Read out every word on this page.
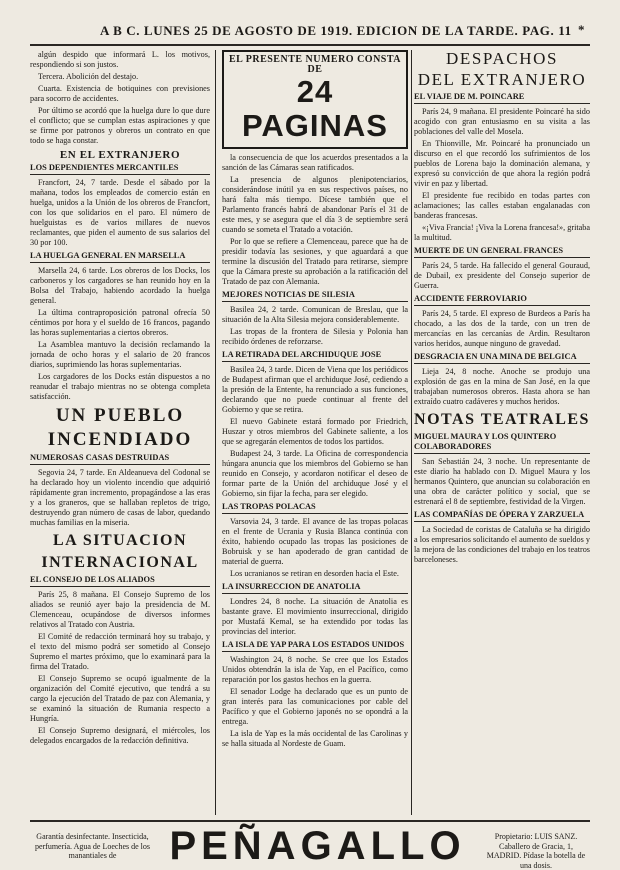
A B C. LUNES 25 DE AGOSTO DE 1919. EDICION DE LA TARDE. PAG. 11 *

algún despido que informará L. los motivos, respondiendo si son justos.

Tercera. Abolición del destajo.

Cuarta. Existencia de botiquines con previsiones para socorro de accidentes.

Por último se acordó que la huelga dure lo que dure el conflicto; que se cumplan estas aspiraciones y que se firme por patronos y obreros un contrato en que todo se haga constar.

EN EL EXTRANJERO
LOS DEPENDIENTES MERCANTILES

Francfort, 24, 7 tarde. Desde el sábado por la mañana, todos los empleados de comercio están en huelga, unidos a la Unión de los obreros de Francfort, con los que solidarios en el paro. El número de huelguistas es de varios millares de nuevos reclamantes, que piden el aumento de sus salarios del 30 por 100.

LA HUELGA GENERAL EN MARSELLA

Marsella 24, 6 tarde. Los obreros de los Docks, los carboneros y los cargadores se han reunido hoy en la Bolsa del Trabajo, habiendo acordado la huelga general.

La última contraproposición patronal ofrecía 50 céntimos por hora y el sueldo de 16 francos, pagando las horas suplementarias a ciertos obreros.

La Asamblea mantuvo la decisión reclamando la jornada de ocho horas y el salario de 20 francos diarios, suprimiendo las horas suplementarias.

Los cargadores de los Docks están dispuestos a no reanudar el trabajo mientras no se obtenga completa satisfacción.

UN PUEBLO
INCENDIADO
NUMEROSAS CASAS DESTRUIDAS

Segovia 24, 7 tarde. En Aldeanueva del Codonal se ha declarado hoy un violento incendio que adquirió rápidamente gran incremento, propagándose a las eras y a los graneros, que se hallaban repletos de trigo, destruyendo gran número de casas de labor, quedando muchas familias en la miseria.

LA SITUACION
INTERNACIONAL
EL CONSEJO DE LOS ALIADOS

París 25, 8 mañana. El Consejo Supremo de los aliados se reunió ayer bajo la presidencia de M. Clemenceau, ocupándose de diversos informes relativos al Tratado con Austria.

El Comité de redacción terminará hoy su trabajo, y el texto del mismo podrá ser sometido al Consejo Supremo el martes próximo, que lo examinará para la firma del Tratado.

El Consejo Supremo se ocupó igualmente de la organización del Comité ejecutivo, que tendrá a su cargo la ejecución del Tratado de paz con Alemania, y se examinó la situación de Rumania respecto a Hungría.

El Consejo Supremo designará, el miércoles, los delegados encargados de la redacción definitiva.

EL PRESENTE NUMERO CONSTA DE
24 PAGINAS

la consecuencia de que los acuerdos presentados a la sanción de las Cámaras sean ratificados.

La presencia de algunos plenipotenciarios, considerándose inútil ya en sus respectivos países, no hará falta más tiempo. Dícese también que el Parlamento francés habrá de abandonar París el 31 de este mes, y se asegura que el día 3 de septiembre será cuando se someta el Tratado a votación.

Por lo que se refiere a Clemenceau, parece que ha de presidir todavía las sesiones, y que aguardará a que termine la discusión del Tratado para retirarse, siempre que la Cámara preste su aprobación a la ratificación del Tratado de paz con Alemania.

MEJORES NOTICIAS DE SILESIA

Basilea 24, 2 tarde. Comunican de Breslau, que la situación de la Alta Silesia mejora considerablemente.

Las tropas de la frontera de Silesia y Polonia han recibido órdenes de reforzarse.

LA RETIRADA DEL ARCHIDUQUE JOSE

Basilea 24, 3 tarde. Dicen de Viena que los periódicos de Budapest afirman que el archiduque José, cediendo a la presión de la Entente, ha renunciado a sus funciones, declarando que no puede continuar al frente del Gobierno y que se retira.

El nuevo Gabinete estará formado por Friedrich, Huszar y otros miembros del Gabinete saliente, a los que se agregarán elementos de todos los partidos.

Budapest 24, 3 tarde. La Oficina de correspondencia húngara anuncia que los miembros del Gobierno se han reunido en Consejo, y acordaron notificar el deseo de formar parte de la Unión del archiduque José y el Gobierno, sin fijar la fecha, para ser elegido.

LAS TROPAS POLACAS

Varsovia 24, 3 tarde. El avance de las tropas polacas en el frente de Ucrania y Rusia Blanca continúa con éxito, habiendo ocupado las tropas las posiciones de Bobruisk y se han apoderado de gran cantidad de material de guerra.

Los ucranianos se retiran en desorden hacia el Este.

LA INSURRECCION DE ANATOLIA

Londres 24, 8 noche. La situación de Anatolia es bastante grave. El movimiento insurreccional, dirigido por Mustafá Kemal, se ha extendido por todas las provincias del interior.

LA ISLA DE YAP PARA LOS ESTADOS UNIDOS

Washington 24, 8 noche. Se cree que los Estados Unidos obtendrán la isla de Yap, en el Pacífico, como reparación por los gastos hechos en la guerra.

El senador Lodge ha declarado que es un punto de gran interés para las comunicaciones por cable del Pacífico y que el Gobierno japonés no se opondrá a la entrega.

La isla de Yap es la más occidental de las Carolinas y se halla situada al Nordeste de Guam.

DESPACHOS
DEL EXTRANJERO
EL VIAJE DE M. POINCARE

París 24, 9 mañana. El presidente Poincaré ha sido acogido con gran entusiasmo en su visita a las poblaciones del valle del Mosela.

En Thionville, Mr. Poincaré ha pronunciado un discurso en el que recordó los sufrimientos de los pueblos de Lorena bajo la dominación alemana, y expresó su convicción de que ahora la región podrá vivir en paz y libertad.

El presidente fue recibido en todas partes con aclamaciones; las calles estaban engalanadas con banderas francesas.

«¡Viva Francia! ¡Viva la Lorena francesa!», gritaba la multitud.

MUERTE DE UN GENERAL FRANCES

París 24, 5 tarde. Ha fallecido el general Gouraud, de Dubail, ex presidente del Consejo superior de Guerra.

ACCIDENTE FERROVIARIO

París 24, 5 tarde. El expreso de Burdeos a París ha chocado, a las dos de la tarde, con un tren de mercancías en las cercanías de Ardin. Resultaron varios heridos, aunque ninguno de gravedad.

DESGRACIA EN UNA MINA DE BELGICA

Lieja 24, 8 noche. Anoche se produjo una explosión de gas en la mina de San José, en la que trabajaban numerosos obreros. Hasta ahora se han extraído cuatro cadáveres y muchos heridos.

NOTAS TEATRALES
MIGUEL MAURA Y LOS QUINTERO COLABORADORES

San Sebastián 24, 3 noche. Un representante de este diario ha hablado con D. Miguel Maura y los hermanos Quintero, que anuncian su colaboración en una obra de carácter político y social, que se estrenará el 8 de septiembre, festividad de la Virgen.

LAS COMPAÑÍAS DE ÓPERA Y ZARZUELA

La Sociedad de coristas de Cataluña se ha dirigido a los empresarios solicitando el aumento de sueldos y la mejora de las condiciones del trabajo en los teatros barceloneses.

Garantía desinfectante. Insecticida, perfumería. Agua de Loeches de los manantiales de	PEÑAGALLO	Propietario: LUIS SANZ. Caballero de Gracia, 1, MADRID. Pídase la botella de una dosis.
